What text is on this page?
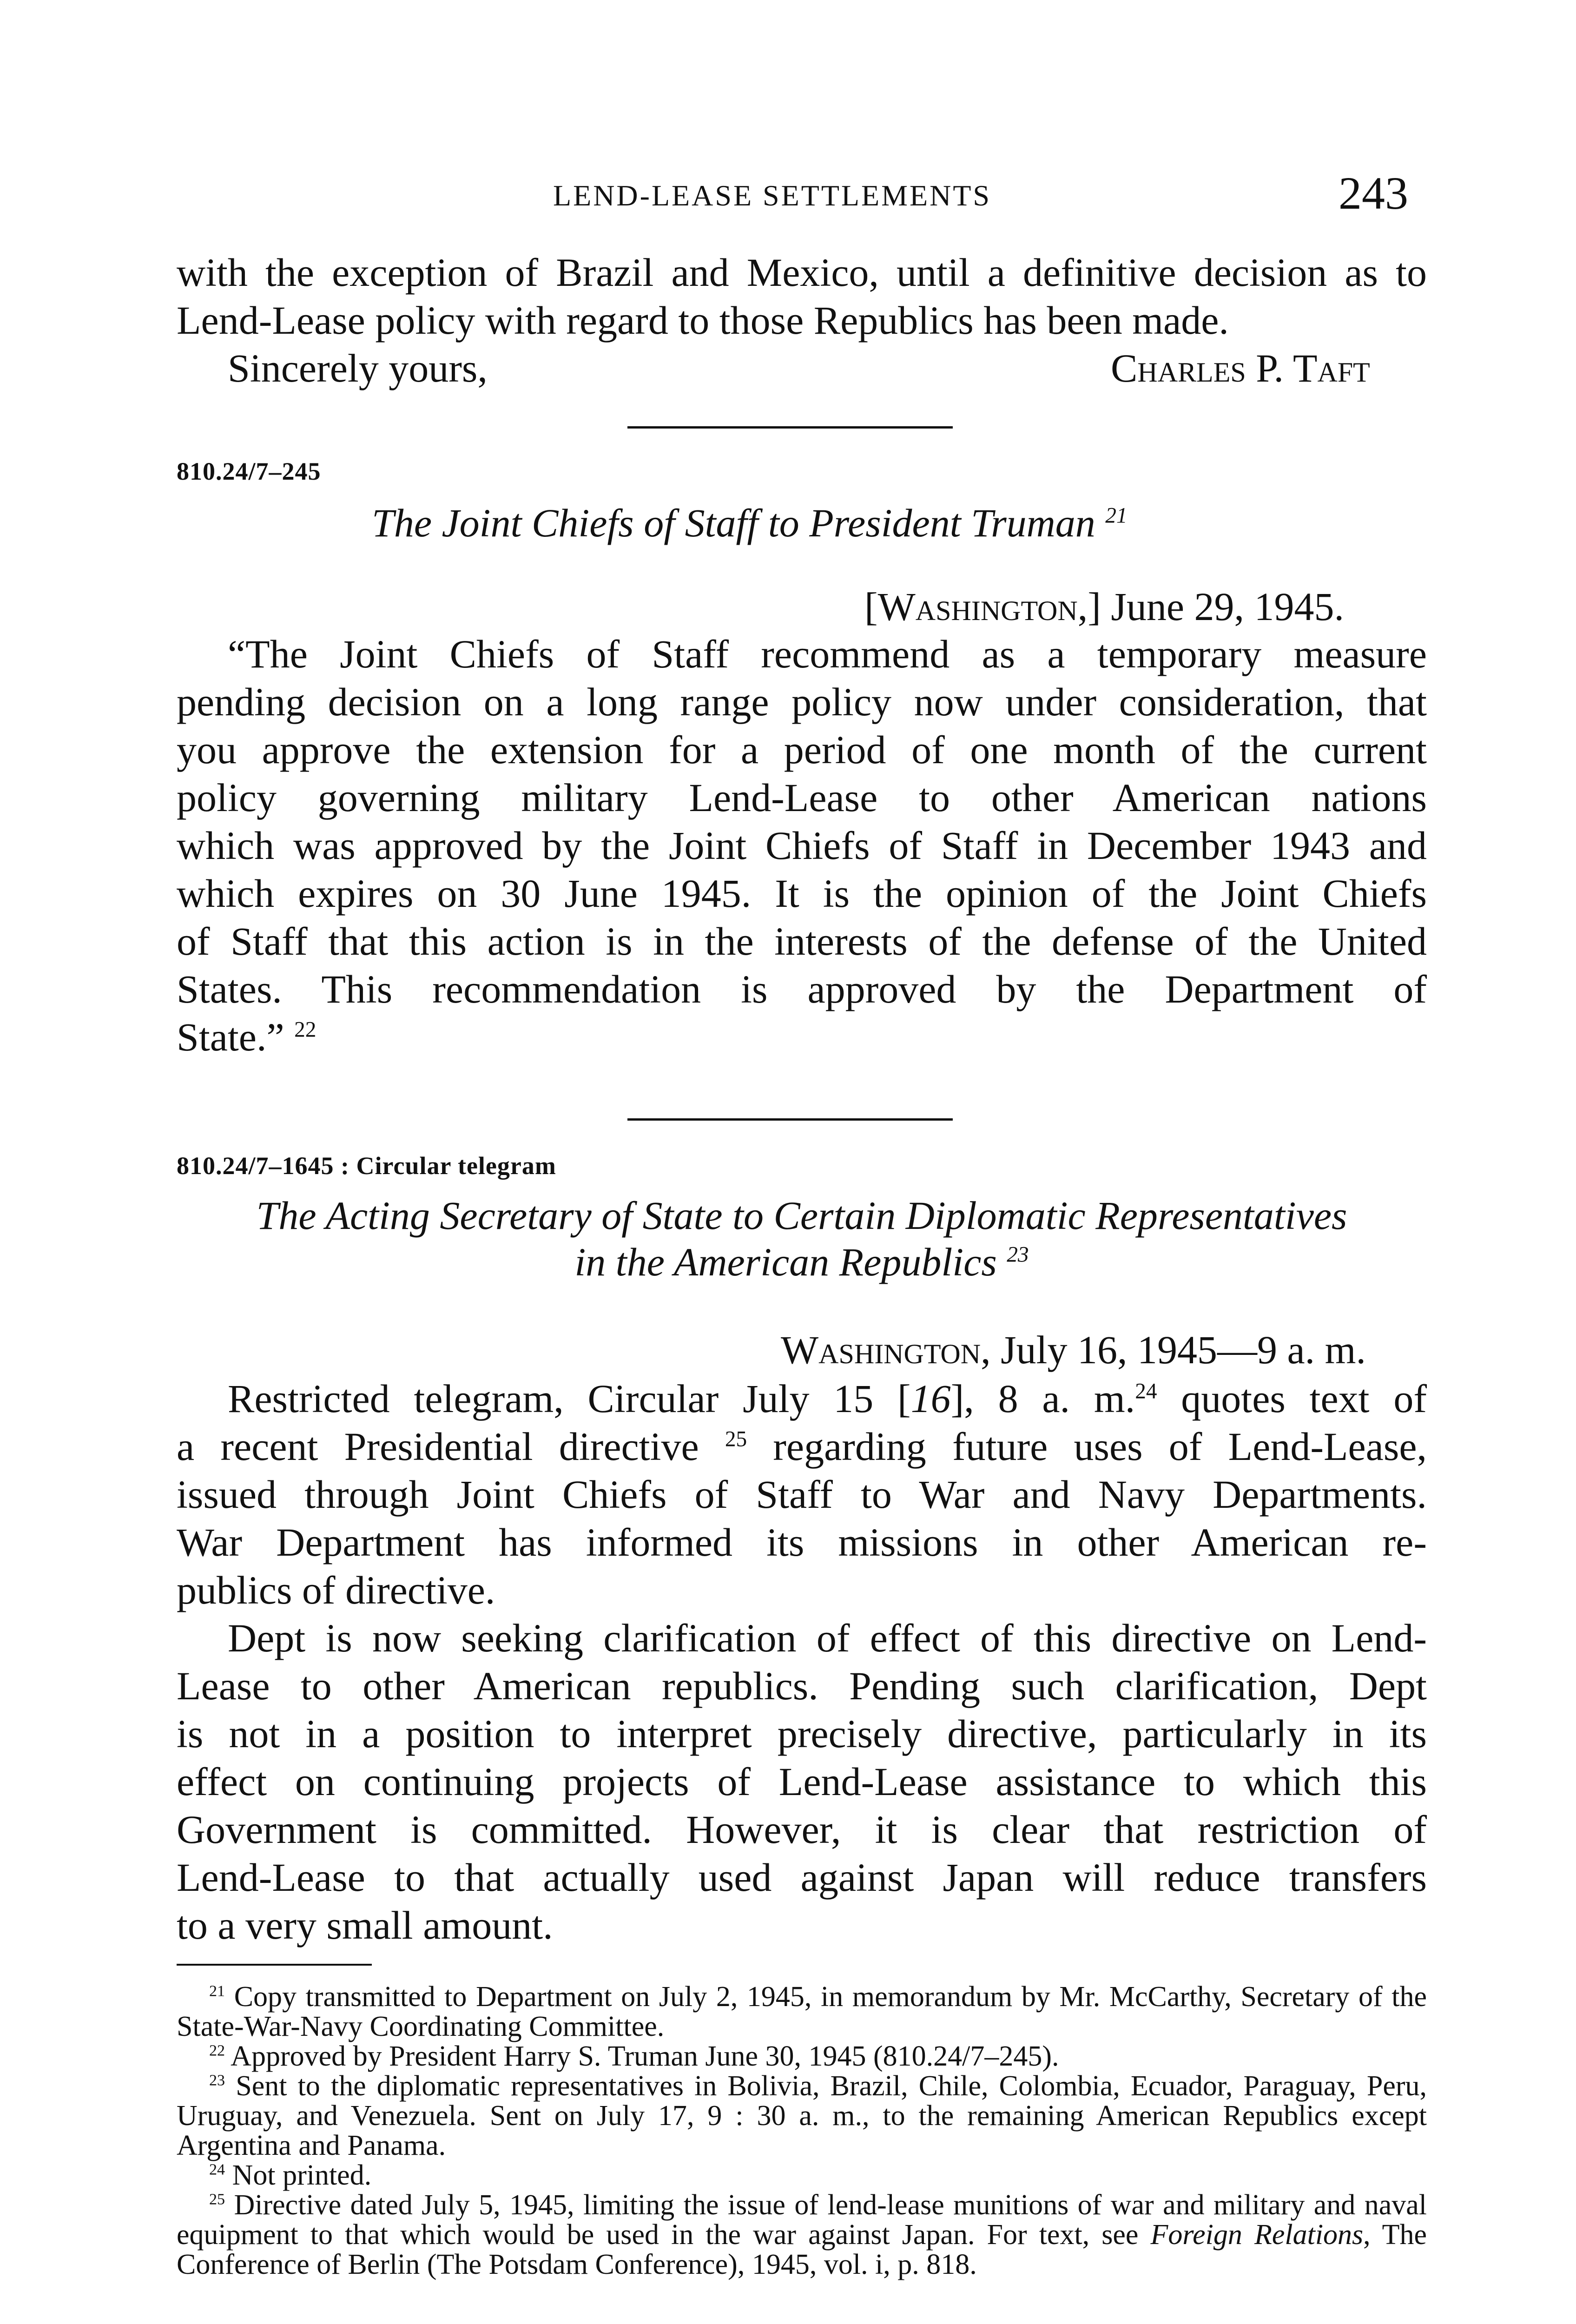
LEND-LEASE SETTLEMENTS	243
with the exception of Brazil and Mexico, until a definitive decision as to
Lend-Lease policy with regard to those Republics has been made.
Sincerely yours,	Charles P. Taft
810.24/7–245
The Joint Chiefs of Staff to President Truman $^{21}$
[Washington,] June 29, 1945.
“The Joint Chiefs of Staff recommend as a temporary measure
pending decision on a long range policy now under consideration, that
you approve the extension for a period of one month of the current
policy governing military Lend-Lease to other American nations
which was approved by the Joint Chiefs of Staff in December 1943 and
which expires on 30 June 1945. It is the opinion of the Joint Chiefs
of Staff that this action is in the interests of the defense of the United
States. This recommendation is approved by the Department of
State.” $^{22}$
810.24/7–1645 : Circular telegram
The Acting Secretary of State to Certain Diplomatic Representatives
in the American Republics $^{23}$
Washington, July 16, 1945—9 a. m.
Restricted telegram, Circular July 15 [16], 8 a. m.$^{24}$ quotes text of
a recent Presidential directive $^{25}$ regarding future uses of Lend-Lease,
issued through Joint Chiefs of Staff to War and Navy Departments.
War Department has informed its missions in other American re-
publics of directive.
Dept is now seeking clarification of effect of this directive on Lend-
Lease to other American republics. Pending such clarification, Dept
is not in a position to interpret precisely directive, particularly in its
effect on continuing projects of Lend-Lease assistance to which this
Government is committed. However, it is clear that restriction of
Lend-Lease to that actually used against Japan will reduce transfers
to a very small amount.

$^{21}$ Copy transmitted to Department on July 2, 1945, in memorandum by Mr. McCarthy, Secretary of the State-War-Navy Coordinating Committee.

$^{22}$ Approved by President Harry S. Truman June 30, 1945 (810.24/7–245).

$^{23}$ Sent to the diplomatic representatives in Bolivia, Brazil, Chile, Colombia, Ecuador, Paraguay, Peru, Uruguay, and Venezuela. Sent on July 17, 9 : 30 a. m., to the remaining American Republics except Argentina and Panama.

$^{24}$ Not printed.

$^{25}$ Directive dated July 5, 1945, limiting the issue of lend-lease munitions of war and military and naval equipment to that which would be used in the war against Japan. For text, see Foreign Relations, The Conference of Berlin (The Potsdam Conference), 1945, vol. i, p. 818.
